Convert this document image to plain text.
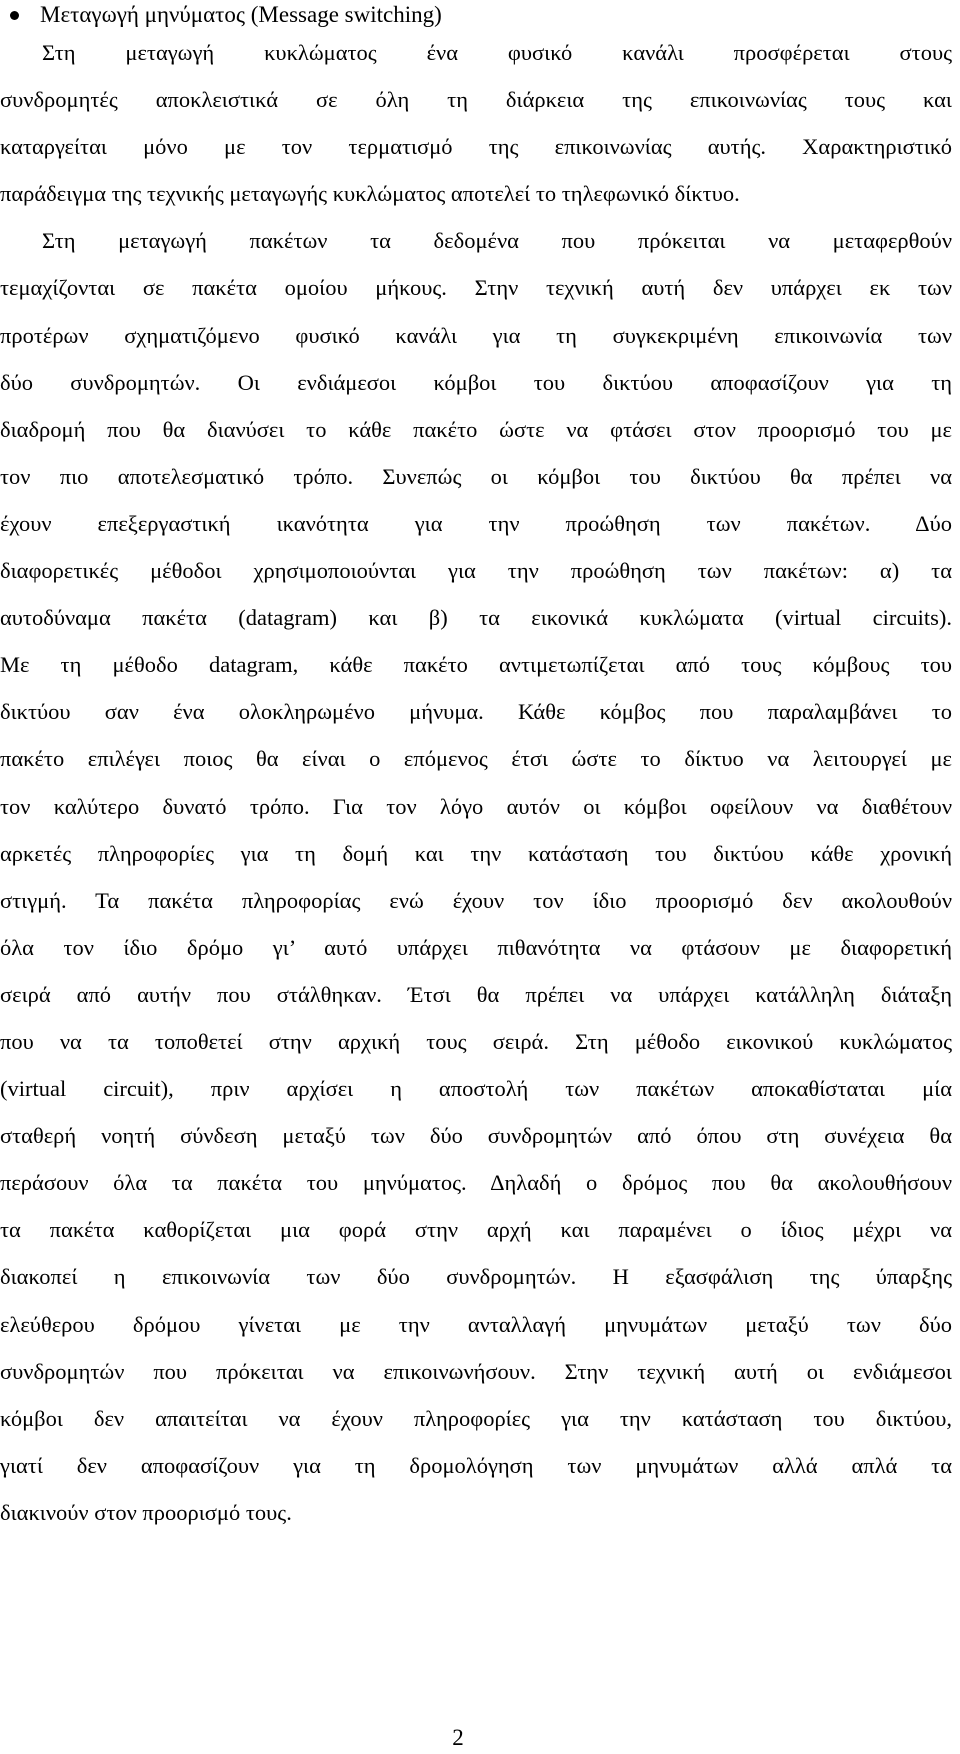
Μεταγωγή μηνύματος (Message switching)
Στη μεταγωγή κυκλώματος ένα φυσικό κανάλι προσφέρεται στους
συνδρομητές αποκλειστικά σε όλη τη διάρκεια της επικοινωνίας τους και
καταργείται μόνο με τον τερματισμό της επικοινωνίας αυτής. Χαρακτηριστικό
παράδειγμα της τεχνικής μεταγωγής κυκλώματος αποτελεί το τηλεφωνικό δίκτυο.
Στη μεταγωγή πακέτων τα δεδομένα που πρόκειται να μεταφερθούν
τεμαχίζονται σε πακέτα ομοίου μήκους. Στην τεχνική αυτή δεν υπάρχει εκ των
προτέρων σχηματιζόμενο φυσικό κανάλι για τη συγκεκριμένη επικοινωνία των
δύο συνδρομητών. Οι ενδιάμεσοι κόμβοι του δικτύου αποφασίζουν για τη
διαδρομή που θα διανύσει το κάθε πακέτο ώστε να φτάσει στον προορισμό του με
τον πιο αποτελεσματικό τρόπο. Συνεπώς οι κόμβοι του δικτύου θα πρέπει να
έχουν επεξεργαστική ικανότητα για την προώθηση των πακέτων. Δύο
διαφορετικές μέθοδοι χρησιμοποιούνται για την προώθηση των πακέτων: α) τα
αυτοδύναμα πακέτα (datagram) και β) τα εικονικά κυκλώματα (virtual circuits).
Με τη μέθοδο datagram, κάθε πακέτο αντιμετωπίζεται από τους κόμβους του
δικτύου σαν ένα ολοκληρωμένο μήνυμα. Κάθε κόμβος που παραλαμβάνει το
πακέτο επιλέγει ποιος θα είναι ο επόμενος έτσι ώστε το δίκτυο να λειτουργεί με
τον καλύτερο δυνατό τρόπο. Για τον λόγο αυτόν οι κόμβοι οφείλουν να διαθέτουν
αρκετές πληροφορίες για τη δομή και την κατάσταση του δικτύου κάθε χρονική
στιγμή. Τα πακέτα πληροφορίας ενώ έχουν τον ίδιο προορισμό δεν ακολουθούν
όλα τον ίδιο δρόμο γι’ αυτό υπάρχει πιθανότητα να φτάσουν με διαφορετική
σειρά από αυτήν που στάλθηκαν. Έτσι θα πρέπει να υπάρχει κατάλληλη διάταξη
που να τα τοποθετεί στην αρχική τους σειρά. Στη μέθοδο εικονικού κυκλώματος
(virtual circuit), πριν αρχίσει η αποστολή των πακέτων αποκαθίσταται μία
σταθερή νοητή σύνδεση μεταξύ των δύο συνδρομητών από όπου στη συνέχεια θα
περάσουν όλα τα πακέτα του μηνύματος. Δηλαδή ο δρόμος που θα ακολουθήσουν
τα πακέτα καθορίζεται μια φορά στην αρχή και παραμένει ο ίδιος μέχρι να
διακοπεί η επικοινωνία των δύο συνδρομητών. Η εξασφάλιση της ύπαρξης
ελεύθερου δρόμου γίνεται με την ανταλλαγή μηνυμάτων μεταξύ των δύο
συνδρομητών που πρόκειται να επικοινωνήσουν. Στην τεχνική αυτή οι ενδιάμεσοι
κόμβοι δεν απαιτείται να έχουν πληροφορίες για την κατάσταση του δικτύου,
γιατί δεν αποφασίζουν για τη δρομολόγηση των μηνυμάτων αλλά απλά τα
διακινούν στον προορισμό τους.
2
